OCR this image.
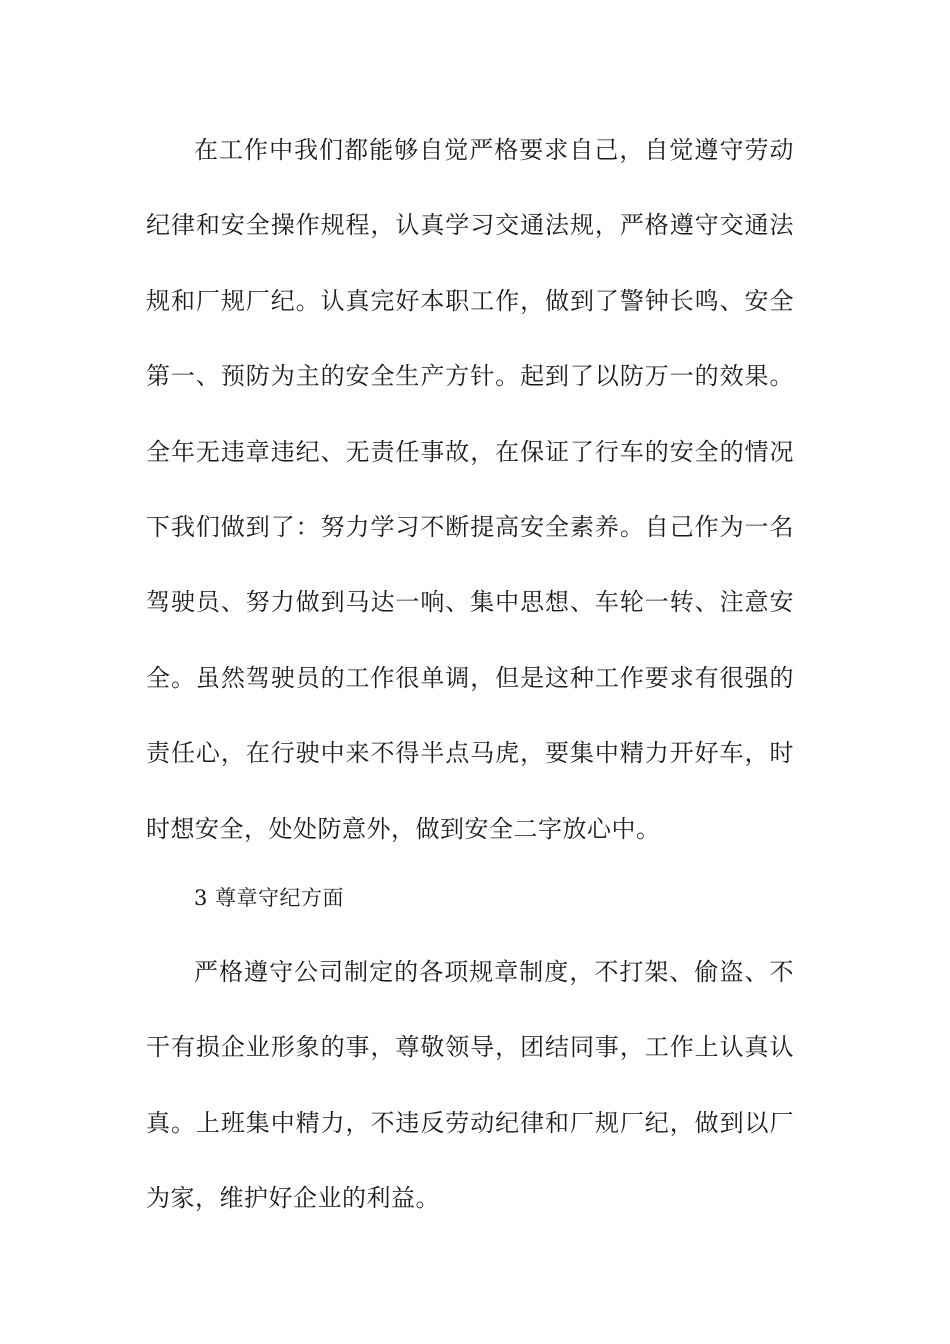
在工作中我们都能够自觉严格要求自己，自觉遵守劳动纪律和安全操作规程，认真学习交通法规，严格遵守交通法规和厂规厂纪。认真完好本职工作，做到了警钟长鸣、安全第一、预防为主的安全生产方针。起到了以防万一的效果。全年无违章违纪、无责任事故，在保证了行车的安全的情况下我们做到了：努力学习不断提高安全素养。自己作为一名驾驶员、努力做到马达一响、集中思想、车轮一转、注意安全。虽然驾驶员的工作很单调，但是这种工作要求有很强的责任心，在行驶中来不得半点马虎，要集中精力开好车，时时想安全，处处防意外，做到安全二字放心中。

3 尊章守纪方面

严格遵守公司制定的各项规章制度，不打架、偷盗、不干有损企业形象的事，尊敬领导，团结同事，工作上认真认真。上班集中精力，不违反劳动纪律和厂规厂纪，做到以厂为家，维护好企业的利益。
